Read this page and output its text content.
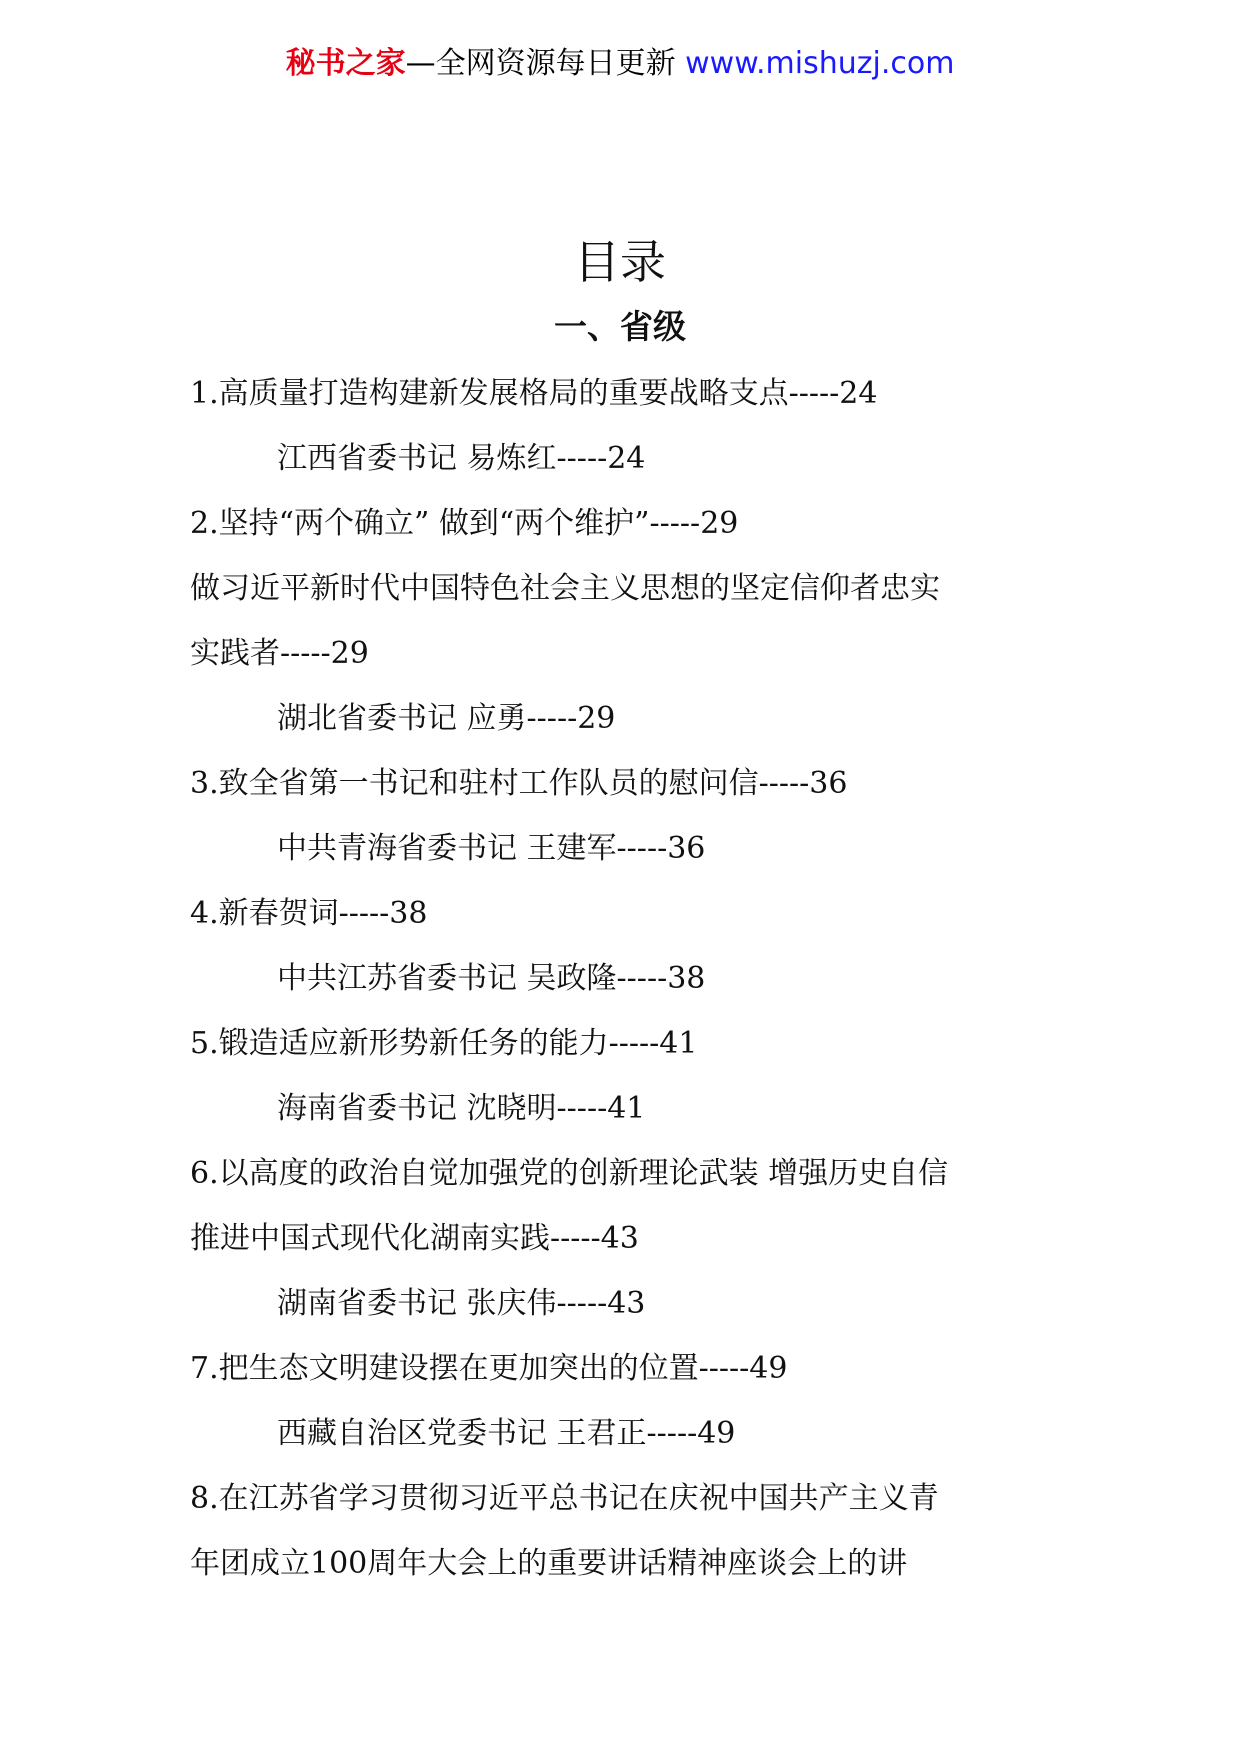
秘书之家—全网资源每日更新 www.mishuzj.com
目录
一、省级
1.高质量打造构建新发展格局的重要战略支点-----24
江西省委书记 易炼红-----24
2.坚持“两个确立” 做到“两个维护”-----29
做习近平新时代中国特色社会主义思想的坚定信仰者忠实
实践者-----29
湖北省委书记 应勇-----29
3.致全省第一书记和驻村工作队员的慰问信-----36
中共青海省委书记 王建军-----36
4.新春贺词-----38
中共江苏省委书记 吴政隆-----38
5.锻造适应新形势新任务的能力-----41
海南省委书记 沈晓明-----41
6.以高度的政治自觉加强党的创新理论武装 增强历史自信
推进中国式现代化湖南实践-----43
湖南省委书记 张庆伟-----43
7.把生态文明建设摆在更加突出的位置-----49
西藏自治区党委书记 王君正-----49
8.在江苏省学习贯彻习近平总书记在庆祝中国共产主义青
年团成立100周年大会上的重要讲话精神座谈会上的讲
